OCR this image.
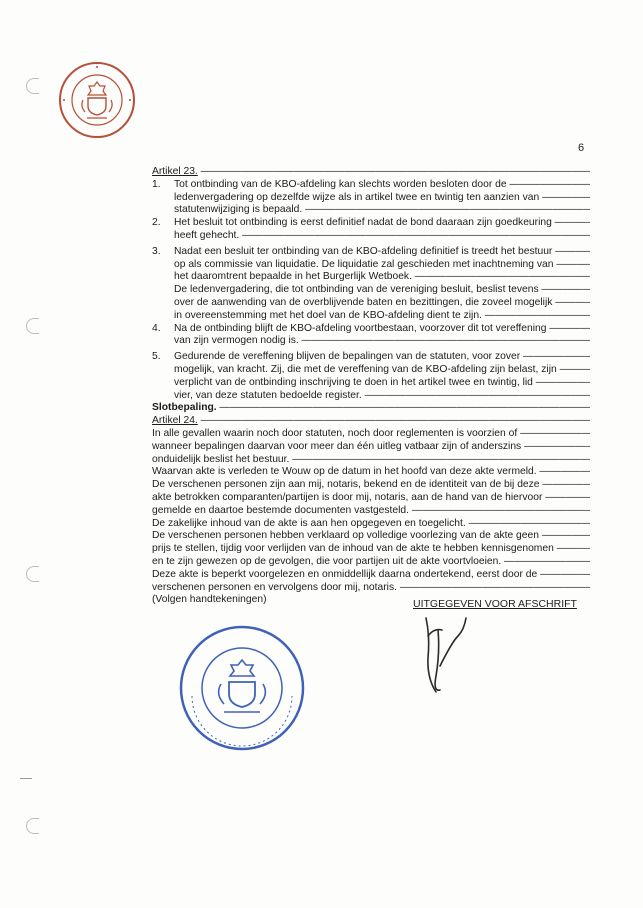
6
Artikel 23. —————
1. Tot ontbinding van de KBO-afdeling kan slechts worden besloten door de —————
ledenvergadering op dezelfde wijze als in artikel twee en twintig ten aanzien van —————
statutenwijziging is bepaald. —————
2. Het besluit tot ontbinding is eerst definitief nadat de bond daaraan zijn goedkeuring —————
heeft gehecht. —————
3. Nadat een besluit ter ontbinding van de KBO-afdeling definitief is treedt het bestuur —————
op als commissie van liquidatie. De liquidatie zal geschieden met inachtneming van —————
het daaromtrent bepaalde in het Burgerlijk Wetboek. —————
De ledenvergadering, die tot ontbinding van de vereniging besluit, beslist tevens —————
over de aanwending van de overblijvende baten en bezittingen, die zoveel mogelijk —————
in overeenstemming met het doel van de KBO-afdeling dient te zijn. —————
4. Na de ontbinding blijft de KBO-afdeling voortbestaan, voorzover dit tot vereffening —————
van zijn vermogen nodig is. —————
5. Gedurende de vereffening blijven de bepalingen van de statuten, voor zover —————
mogelijk, van kracht. Zij, die met de vereffening van de KBO-afdeling zijn belast, zijn —————
verplicht van de ontbinding inschrijving te doen in het artikel twee en twintig, lid —————
vier, van deze statuten bedoelde register. —————
Slotbepaling. —————
Artikel 24. —————
In alle gevallen waarin noch door statuten, noch door reglementen is voorzien of —————
wanneer bepalingen daarvan voor meer dan één uitleg vatbaar zijn of anderszins —————
onduidelijk beslist het bestuur. —————
Waarvan akte is verleden te Wouw op de datum in het hoofd van deze akte vermeld. —————
De verschenen personen zijn aan mij, notaris, bekend en de identiteit van de bij deze —————
akte betrokken comparanten/partijen is door mij, notaris, aan de hand van de hiervoor —————
gemelde en daartoe bestemde documenten vastgesteld. —————
De zakelijke inhoud van de akte is aan hen opgegeven en toegelicht. —————
De verschenen personen hebben verklaard op volledige voorlezing van de akte geen —————
prijs te stellen, tijdig voor verlijden van de inhoud van de akte te hebben kennisgenomen —————
en te zijn gewezen op de gevolgen, die voor partijen uit de akte voortvloeien. —————
Deze akte is beperkt voorgelezen en onmiddellijk daarna ondertekend, eerst door de —————
verschenen personen en vervolgens door mij, notaris. —————
(Volgen handtekeningen)	UITGEGEVEN VOOR AFSCHRIFT
